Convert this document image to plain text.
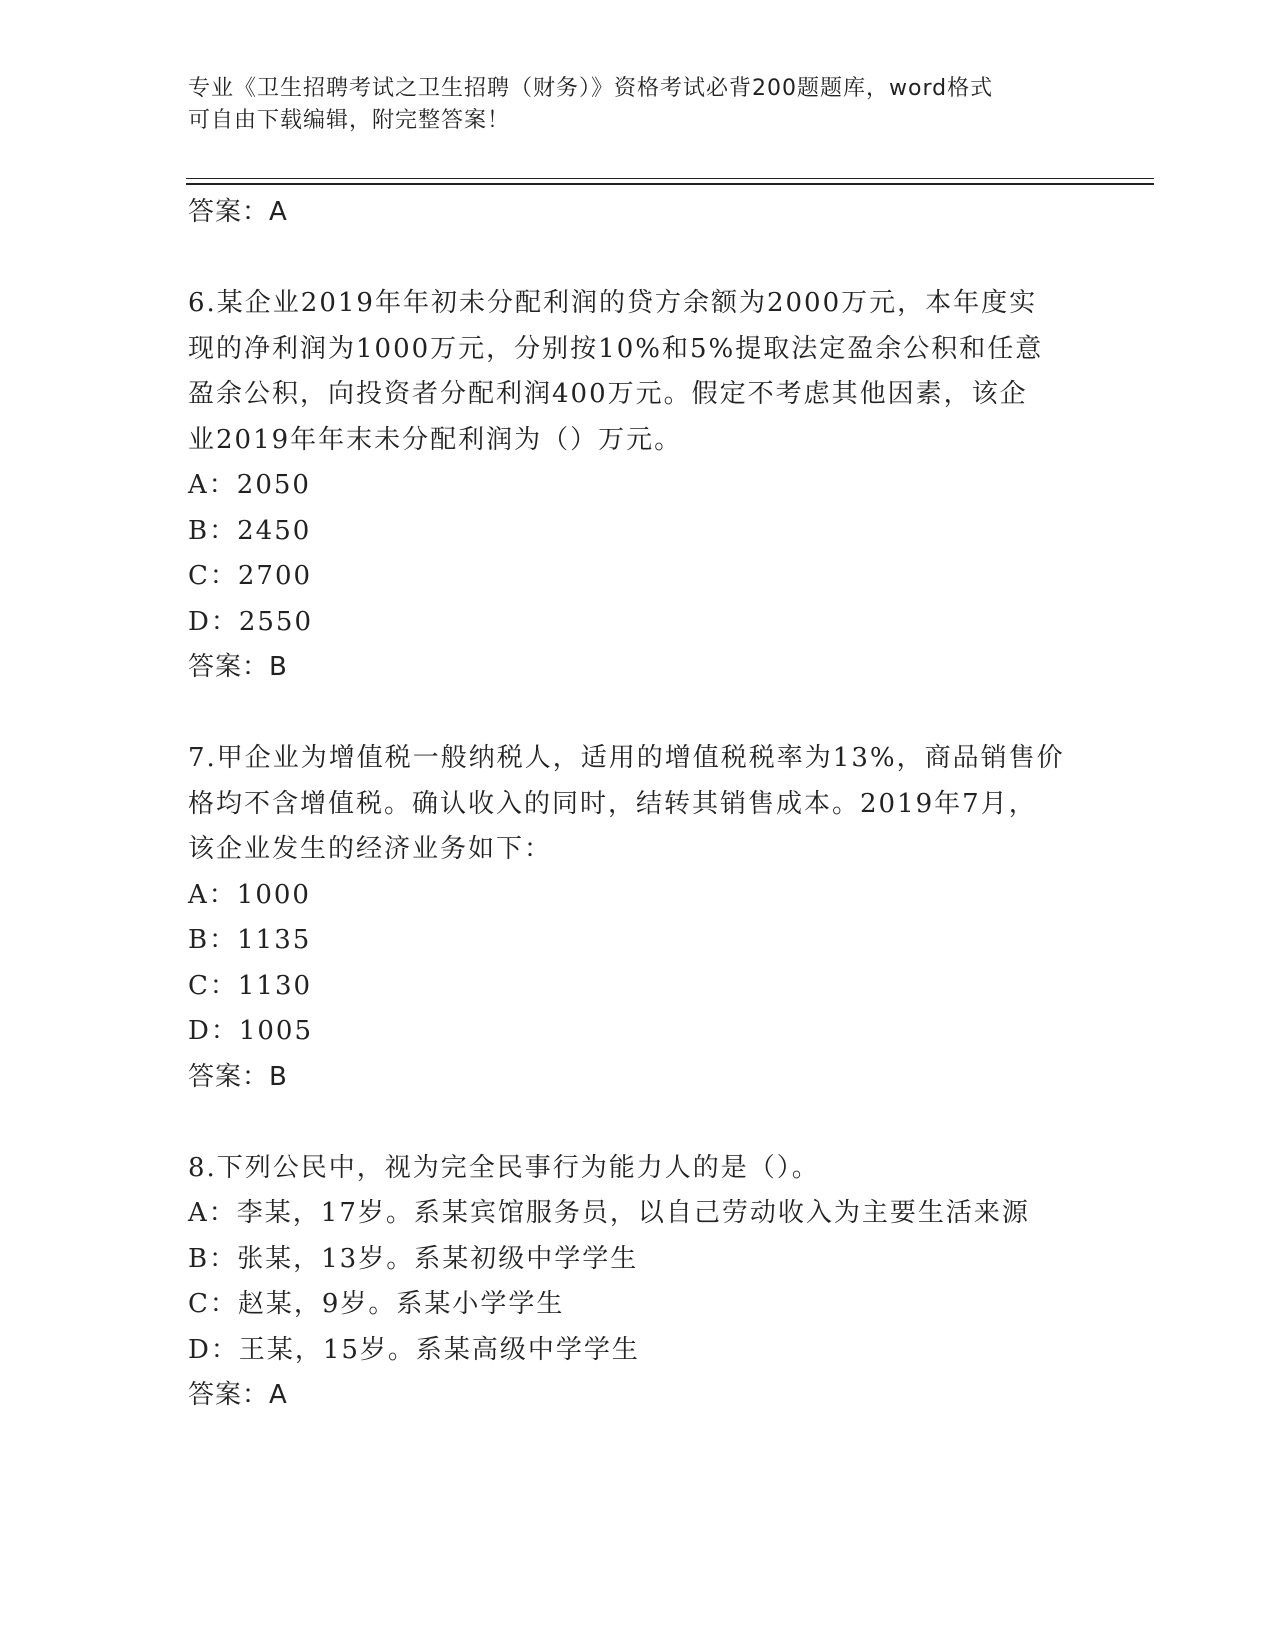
专业《卫生招聘考试之卫生招聘（财务）》资格考试必背200题题库，word格式
可自由下载编辑，附完整答案！
答案：A
6.某企业2019年年初未分配利润的贷方余额为2000万元，本年度实
现的净利润为1000万元，分别按10%和5%提取法定盈余公积和任意
盈余公积，向投资者分配利润400万元。假定不考虑其他因素，该企
业2019年年末未分配利润为（）万元。
A：2050
B：2450
C：2700
D：2550
答案：B
7.甲企业为增值税一般纳税人，适用的增值税税率为13%，商品销售价
格均不含增值税。确认收入的同时，结转其销售成本。2019年7月，
该企业发生的经济业务如下：
A：1000
B：1135
C：1130
D：1005
答案：B
8.下列公民中，视为完全民事行为能力人的是（）。
A：李某，17岁。系某宾馆服务员，以自己劳动收入为主要生活来源
B：张某，13岁。系某初级中学学生
C：赵某，9岁。系某小学学生
D：王某，15岁。系某高级中学学生
答案：A
